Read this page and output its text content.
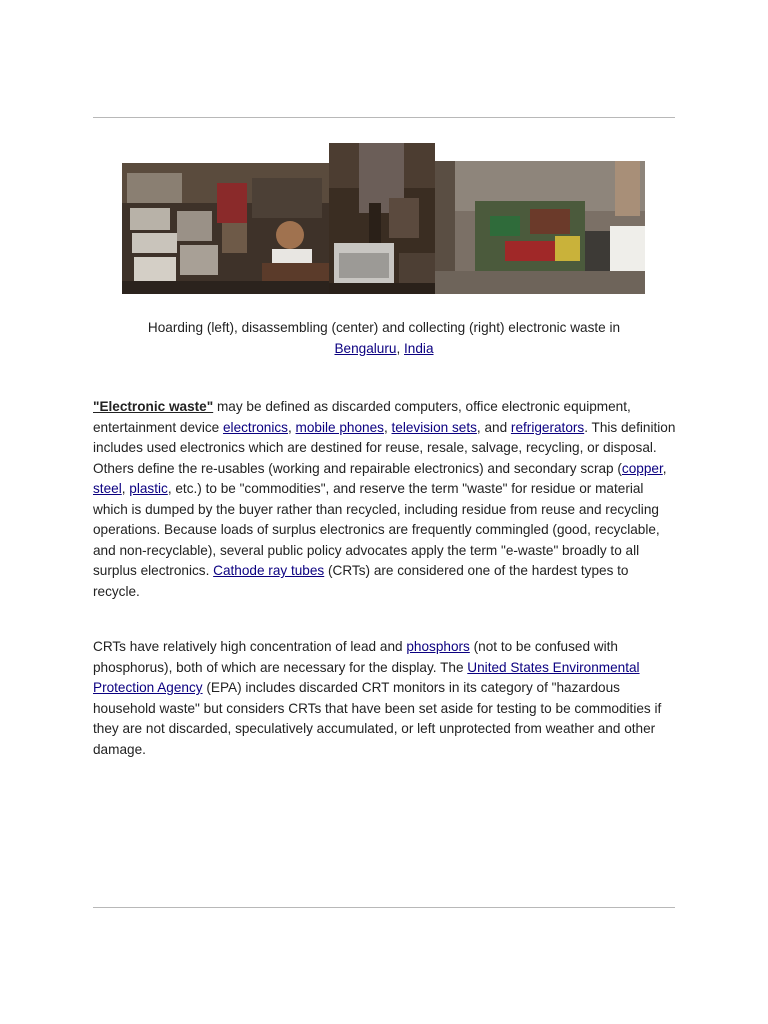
Hoarding (left), disassembling (center) and collecting (right) electronic waste in Bengaluru, India

"Electronic waste" may be defined as discarded computers, office electronic equipment, entertainment device electronics, mobile phones, television sets, and refrigerators. This definition includes used electronics which are destined for reuse, resale, salvage, recycling, or disposal. Others define the re-usables (working and repairable electronics) and secondary scrap (copper, steel, plastic, etc.) to be "commodities", and reserve the term "waste" for residue or material which is dumped by the buyer rather than recycled, including residue from reuse and recycling operations. Because loads of surplus electronics are frequently commingled (good, recyclable, and non-recyclable), several public policy advocates apply the term "e-waste" broadly to all surplus electronics. Cathode ray tubes (CRTs) are considered one of the hardest types to recycle.

CRTs have relatively high concentration of lead and phosphors (not to be confused with phosphorus), both of which are necessary for the display. The United States Environmental Protection Agency (EPA) includes discarded CRT monitors in its category of "hazardous household waste" but considers CRTs that have been set aside for testing to be commodities if they are not discarded, speculatively accumulated, or left unprotected from weather and other damage.
